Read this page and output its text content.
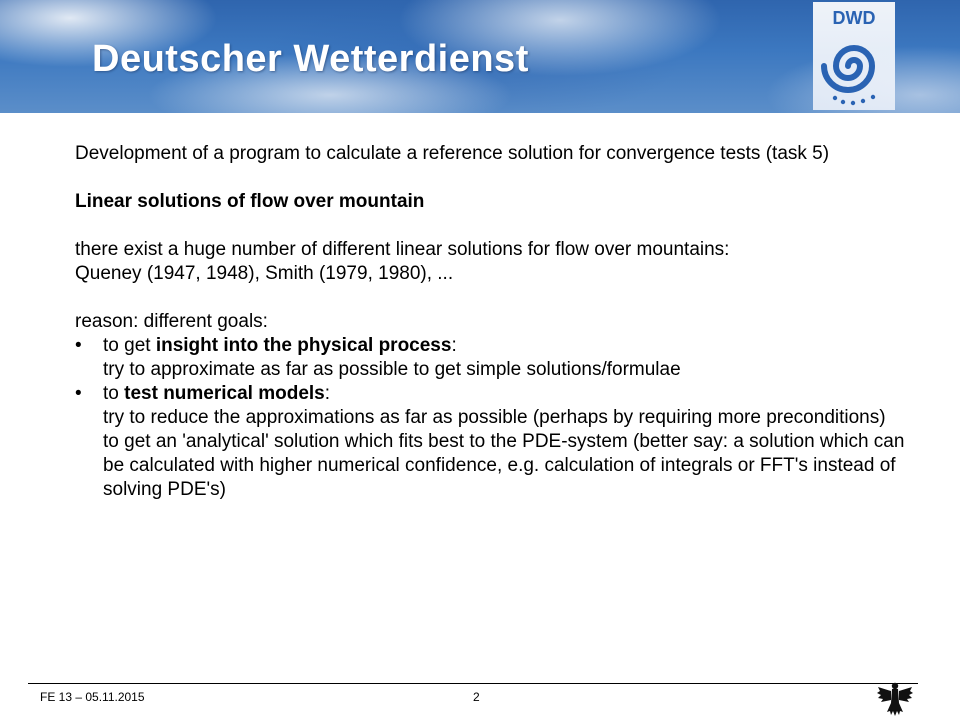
Deutscher Wetterdienst
DWD

Development of a program to calculate a reference solution for convergence tests (task 5)

Linear solutions of flow over mountain

there exist a huge number of different linear solutions for flow over mountains:

Queney (1947, 1948), Smith (1979, 1980), ...

reason: different goals:

• to get insight into the physical process:

try to approximate as far as possible to get simple solutions/formulae

• to test numerical models:

try to reduce the approximations as far as possible (perhaps by requiring more preconditions) to get an 'analytical' solution which fits best to the PDE-system (better say: a solution which can be calculated with higher numerical confidence, e.g. calculation of integrals or FFT's instead of solving PDE's)

FE 13 – 05.11.2015	2
